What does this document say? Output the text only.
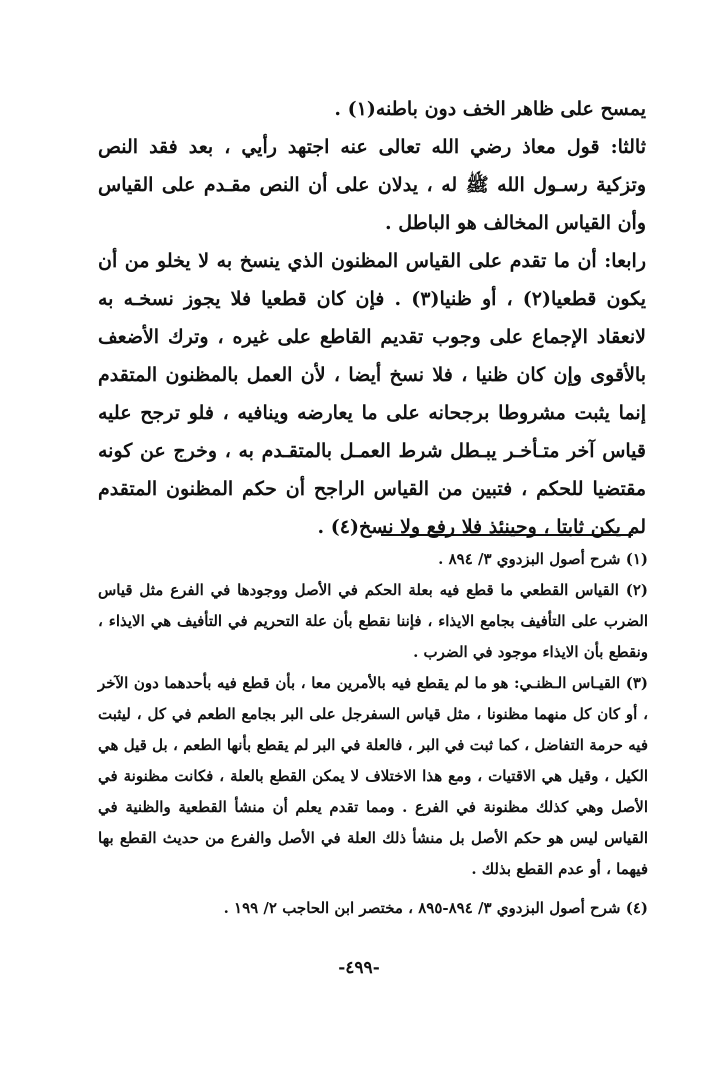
يمسح على ظاهر الخف دون باطنه(١) .

ثالثا: قول معاذ رضي الله تعالى عنه اجتهد رأيي ، بعد فقد النص وتزكية رسـول الله ﷺ له ، يدلان على أن النص مقـدم على القياس وأن القياس المخالف هو الباطل .

رابعا: أن ما تقدم على القياس المظنون الذي ينسخ به لا يخلو من أن يكون قطعيا(٢) ، أو ظنيا(٣) . فإن كان قطعيا فلا يجوز نسخـه به لانعقاد الإجماع على وجوب تقديم القاطع على غيره ، وترك الأضعف بالأقوى وإن كان ظنيا ، فلا نسخ أيضا ، لأن العمل بالمظنون المتقدم إنما يثبت مشروطا برجحانه على ما يعارضه وينافيه ، فلو ترجح عليه قياس آخر متـأخـر يبـطل شرط العمـل بالمتقـدم به ، وخرج عن كونه مقتضيا للحكم ، فتبين من القياس الراجح أن حكم المظنون المتقدم لم يكن ثابتا ، وحينئذ فلا رفع ولا نسخ(٤) .

(١) شرح أصول البزدوي ٣/ ٨٩٤ .

(٢) القياس القطعي ما قطع فيه بعلة الحكم في الأصل ووجودها في الفرع مثل قياس الضرب على التأفيف بجامع الايذاء ، فإننا نقطع بأن علة التحريم في التأفيف هي الايذاء ، ونقطع بأن الايذاء موجود في الضرب .

(٣) القيـاس الـظنـي: هو ما لم يقطع فيه بالأمرين معا ، بأن قطع فيه بأحدهما دون الآخر ، أو كان كل منهما مظنونا ، مثل قياس السفرجل على البر بجامع الطعم في كل ، ليثبت فيه حرمة التفاضل ، كما ثبت في البر ، فالعلة في البر لم يقطع بأنها الطعم ، بل قيل هي الكيل ، وقيل هي الاقتيات ، ومع هذا الاختلاف لا يمكن القطع بالعلة ، فكانت مظنونة في الأصل وهي كذلك مظنونة في الفرع . ومما تقدم يعلم أن منشأ القطعية والظنية في القياس ليس هو حكم الأصل بل منشأ ذلك العلة في الأصل والفرع من حديث القطع بها فيهما ، أو عدم القطع بذلك .

(٤) شرح أصول البزدوي ٣/ ٨٩٤-٨٩٥ ، مختصر ابن الحاجب ٢/ ١٩٩ .

-٤٩٩-
